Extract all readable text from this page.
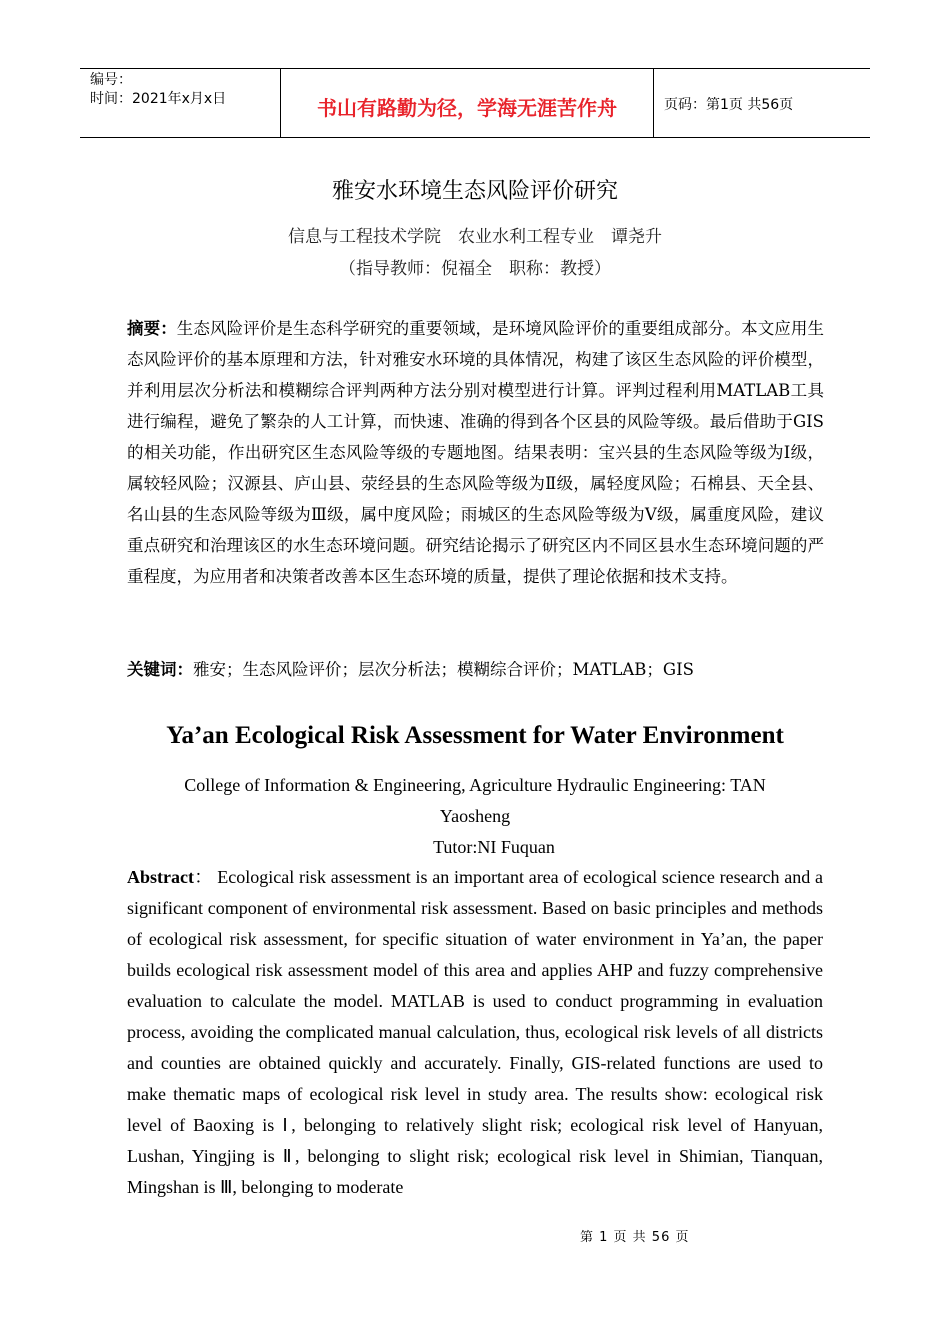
编号：
时间：2021年x月x日	书山有路勤为径，学海无涯苦作舟	页码：第1页 共56页
雅安水环境生态风险评价研究
信息与工程技术学院　农业水利工程专业　谭尧升
（指导教师：倪福全　职称：教授）

摘要：生态风险评价是生态科学研究的重要领域，是环境风险评价的重要组成部分。本文应用生态风险评价的基本原理和方法，针对雅安水环境的具体情况，构建了该区生态风险的评价模型，并利用层次分析法和模糊综合评判两种方法分别对模型进行计算。评判过程利用MATLAB工具进行编程，避免了繁杂的人工计算，而快速、准确的得到各个区县的风险等级。最后借助于GIS的相关功能，作出研究区生态风险等级的专题地图。结果表明：宝兴县的生态风险等级为Ⅰ级，属较轻风险；汉源县、庐山县、荥经县的生态风险等级为Ⅱ级，属轻度风险；石棉县、天全县、名山县的生态风险等级为Ⅲ级，属中度风险；雨城区的生态风险等级为Ⅴ级，属重度风险，建议重点研究和治理该区的水生态环境问题。研究结论揭示了研究区内不同区县水生态环境问题的严重程度，为应用者和决策者改善本区生态环境的质量，提供了理论依据和技术支持。

关键词：雅安；生态风险评价；层次分析法；模糊综合评价；MATLAB；GIS

Ya’an Ecological Risk Assessment for Water Environment

College of Information & Engineering, Agriculture Hydraulic Engineering: TAN Yaosheng

Tutor:NI Fuquan

Abstract： Ecological risk assessment is an important area of ecological science research and a significant component of environmental risk assessment. Based on basic principles and methods of ecological risk assessment, for specific situation of water environment in Ya’an, the paper builds ecological risk assessment model of this area and applies AHP and fuzzy comprehensive evaluation to calculate the model. MATLAB is used to conduct programming in evaluation process, avoiding the complicated manual calculation, thus, ecological risk levels of all districts and counties are obtained quickly and accurately. Finally, GIS-related functions are used to make thematic maps of ecological risk level in study area. The results show: ecological risk level of Baoxing is Ⅰ, belonging to relatively slight risk; ecological risk level of Hanyuan, Lushan, Yingjing is Ⅱ, belonging to slight risk; ecological risk level in Shimian, Tianquan, Mingshan is Ⅲ, belonging to moderate

第 1 页 共 56 页
